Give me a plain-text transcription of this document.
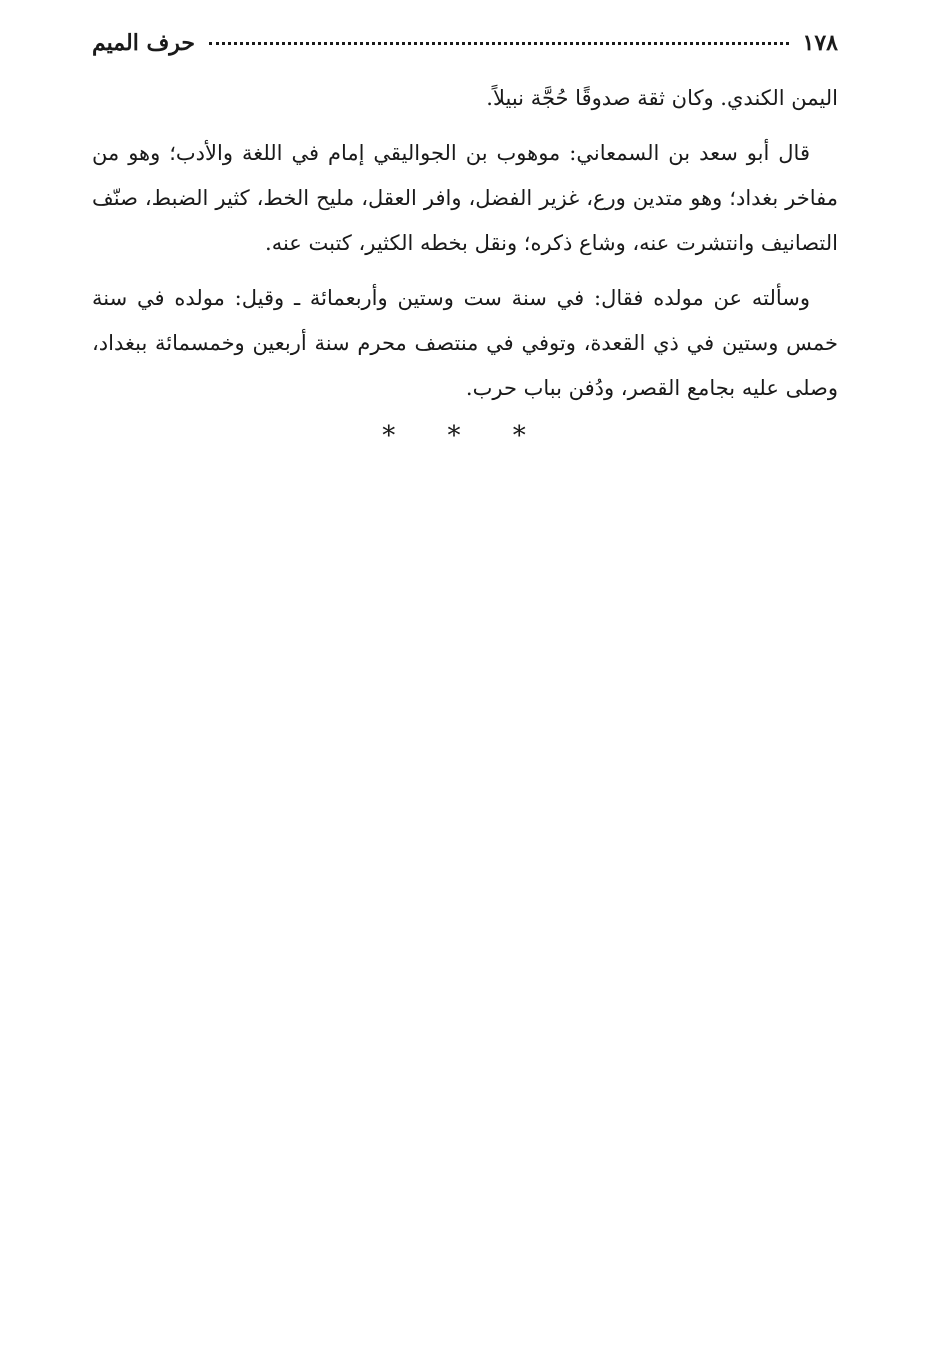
١٧٨
حرف الميم

اليمن الكندي. وكان ثقة صدوقًا حُجَّة نبيلاً.

قال أبو سعد بن السمعاني: موهوب بن الجواليقي إمام في اللغة والأدب؛ وهو من مفاخر بغداد؛ وهو متدين ورع، غزير الفضل، وافر العقل، مليح الخط، كثير الضبط، صنّف التصانيف وانتشرت عنه، وشاع ذكره؛ ونقل بخطه الكثير، كتبت عنه.

وسألته عن مولده فقال: في سنة ست وستين وأربعمائة ـ وقيل: مولده في سنة خمس وستين في ذي القعدة، وتوفي في منتصف محرم سنة أربعين وخمسمائة ببغداد، وصلى عليه بجامع القصر، ودُفن بباب حرب.

* * *
